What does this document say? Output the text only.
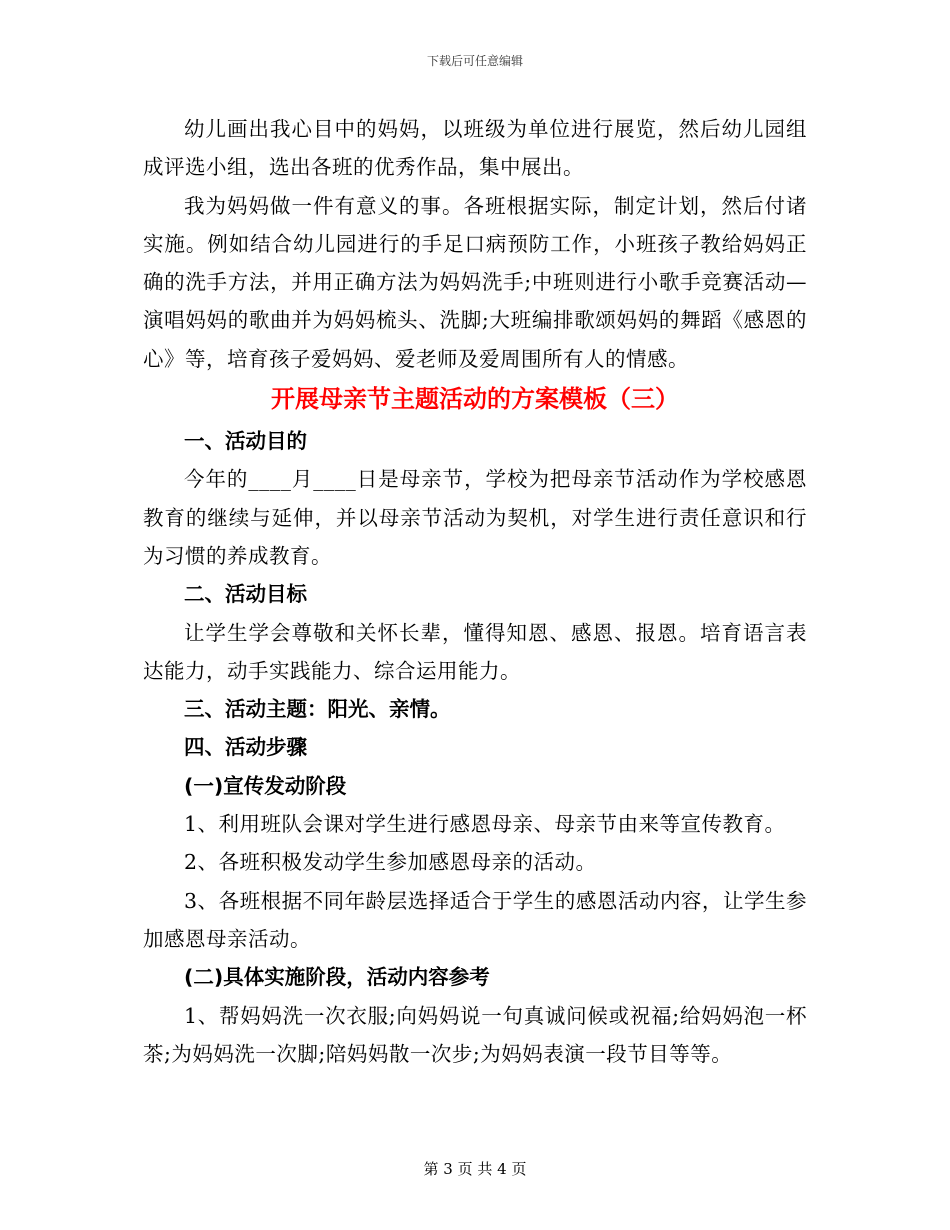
下载后可任意编辑

幼儿画出我心目中的妈妈，以班级为单位进行展览，然后幼儿园组成评选小组，选出各班的优秀作品，集中展出。

我为妈妈做一件有意义的事。各班根据实际，制定计划，然后付诸实施。例如结合幼儿园进行的手足口病预防工作，小班孩子教给妈妈正确的洗手方法，并用正确方法为妈妈洗手;中班则进行小歌手竞赛活动—演唱妈妈的歌曲并为妈妈梳头、洗脚;大班编排歌颂妈妈的舞蹈《感恩的心》等，培育孩子爱妈妈、爱老师及爱周围所有人的情感。

开展母亲节主题活动的方案模板（三）

一、活动目的

今年的____月____日是母亲节，学校为把母亲节活动作为学校感恩教育的继续与延伸，并以母亲节活动为契机，对学生进行责任意识和行为习惯的养成教育。

二、活动目标

让学生学会尊敬和关怀长辈，懂得知恩、感恩、报恩。培育语言表达能力，动手实践能力、综合运用能力。

三、活动主题：阳光、亲情。

四、活动步骤

(一)宣传发动阶段

1、利用班队会课对学生进行感恩母亲、母亲节由来等宣传教育。

2、各班积极发动学生参加感恩母亲的活动。

3、各班根据不同年龄层选择适合于学生的感恩活动内容，让学生参加感恩母亲活动。

(二)具体实施阶段，活动内容参考

1、帮妈妈洗一次衣服;向妈妈说一句真诚问候或祝福;给妈妈泡一杯茶;为妈妈洗一次脚;陪妈妈散一次步;为妈妈表演一段节目等等。

第 3 页 共 4 页
